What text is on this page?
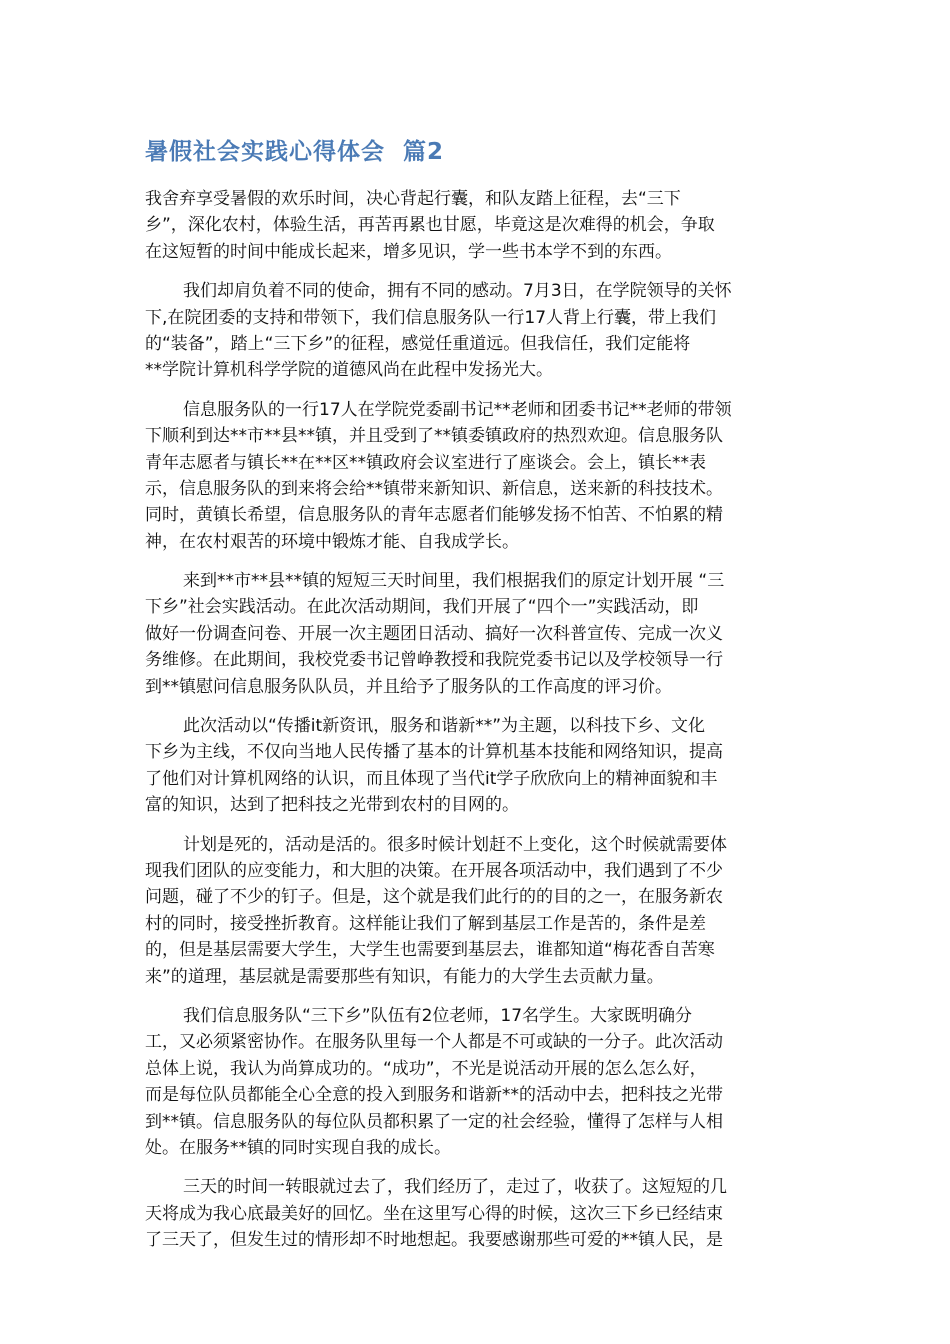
暑假社会实践心得体会 篇2
我舍弃享受暑假的欢乐时间，决心背起行囊，和队友踏上征程，去“三下
乡”，深化农村，体验生活，再苦再累也甘愿，毕竟这是次难得的机会，争取
在这短暂的时间中能成长起来，增多见识，学一些书本学不到的东西。
我们却肩负着不同的使命，拥有不同的感动。7月3日，在学院领导的关怀
下,在院团委的支持和带领下，我们信息服务队一行17人背上行囊，带上我们
的“装备”，踏上“三下乡”的征程，感觉任重道远。但我信任，我们定能将
**学院计算机科学学院的道德风尚在此程中发扬光大。
信息服务队的一行17人在学院党委副书记**老师和团委书记**老师的带领
下顺利到达**市**县**镇，并且受到了**镇委镇政府的热烈欢迎。信息服务队
青年志愿者与镇长**在**区**镇政府会议室进行了座谈会。会上，镇长**表
示，信息服务队的到来将会给**镇带来新知识、新信息，送来新的科技技术。
同时，黄镇长希望，信息服务队的青年志愿者们能够发扬不怕苦、不怕累的精
神，在农村艰苦的环境中锻炼才能、自我成学长。
来到**市**县**镇的短短三天时间里，我们根据我们的原定计划开展 “三
下乡”社会实践活动。在此次活动期间，我们开展了“四个一”实践活动，即
做好一份调查问卷、开展一次主题团日活动、搞好一次科普宣传、完成一次义
务维修。在此期间，我校党委书记曾峥教授和我院党委书记以及学校领导一行
到**镇慰问信息服务队队员，并且给予了服务队的工作高度的评习价。
此次活动以“传播it新资讯，服务和谐新**”为主题，以科技下乡、文化
下乡为主线，不仅向当地人民传播了基本的计算机基本技能和网络知识，提高
了他们对计算机网络的认识，而且体现了当代it学子欣欣向上的精神面貌和丰
富的知识，达到了把科技之光带到农村的目网的。
计划是死的，活动是活的。很多时候计划赶不上变化，这个时候就需要体
现我们团队的应变能力，和大胆的决策。在开展各项活动中，我们遇到了不少
问题，碰了不少的钉子。但是，这个就是我们此行的的目的之一，在服务新农
村的同时，接受挫折教育。这样能让我们了解到基层工作是苦的，条件是差
的，但是基层需要大学生，大学生也需要到基层去，谁都知道“梅花香自苦寒
来”的道理，基层就是需要那些有知识，有能力的大学生去贡献力量。
我们信息服务队“三下乡”队伍有2位老师，17名学生。大家既明确分
工，又必须紧密协作。在服务队里每一个人都是不可或缺的一分子。此次活动
总体上说，我认为尚算成功的。“成功”，不光是说活动开展的怎么怎么好，
而是每位队员都能全心全意的投入到服务和谐新**的活动中去，把科技之光带
到**镇。信息服务队的每位队员都积累了一定的社会经验，懂得了怎样与人相
处。在服务**镇的同时实现自我的成长。
三天的时间一转眼就过去了，我们经历了，走过了，收获了。这短短的几
天将成为我心底最美好的回忆。坐在这里写心得的时候，这次三下乡已经结束
了三天了，但发生过的情形却不时地想起。我要感谢那些可爱的**镇人民，是
